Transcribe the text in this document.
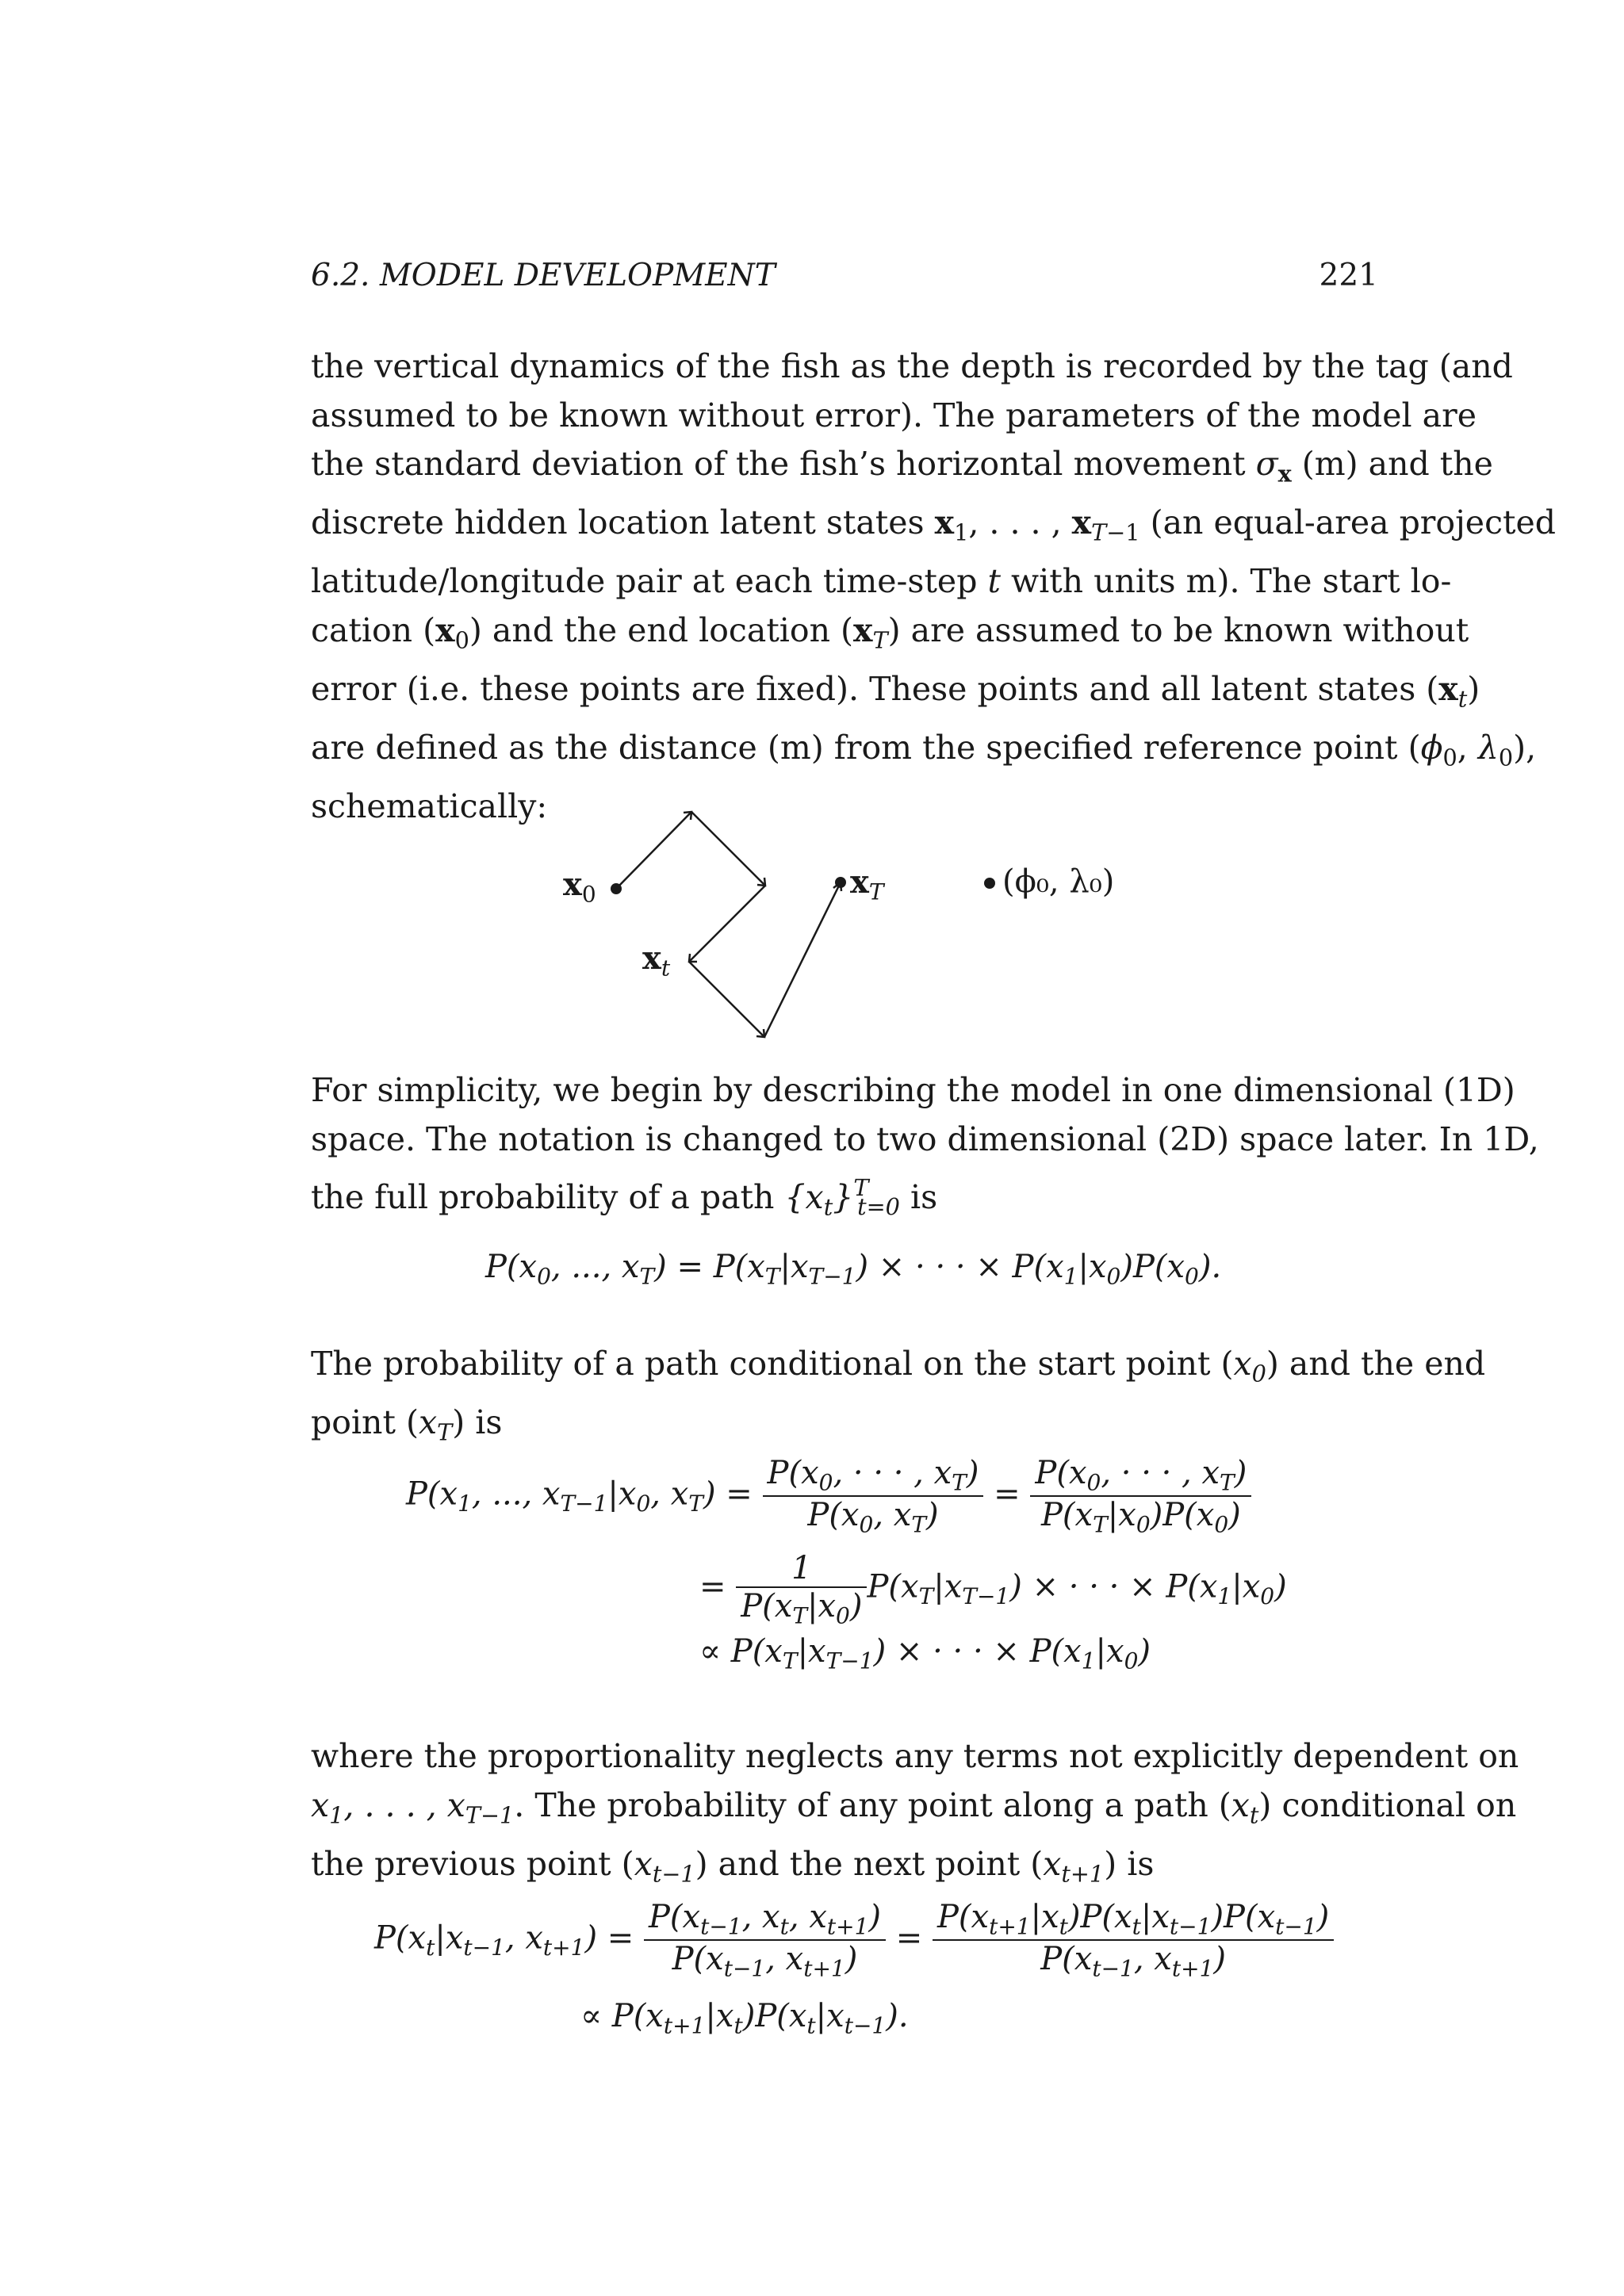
6.2. MODEL DEVELOPMENT	221
the vertical dynamics of the fish as the depth is recorded by the tag (and
assumed to be known without error). The parameters of the model are
the standard deviation of the fish’s horizontal movement $\sigma_x$ (m) and the
discrete hidden location latent states $x_1$, . . . , $x_{T-1}$ (an equal-area projected
latitude/longitude pair at each time-step t with units m). The start lo-
cation $(x_0)$ and the end location $(x_T)$ are assumed to be known without
error (i.e. these points are fixed). These points and all latent states $(x_t)$
are defined as the distance (m) from the specified reference point ($\phi_0$, $\lambda_0$),
schematically:
$x_0$	$x_T$
$x_t$
(ϕ₀, λ₀)
For simplicity, we begin by describing the model in one dimensional (1D)
space. The notation is changed to two dimensional (2D) space later. In 1D,
the full probability of a path $\{x_t\}^T_{t=0}$ is
$P(x_0$, ..., $x_T) = P(x_T|x_{T-1})$ × · · · × $P(x_1|x_0)P(x_0)$.
The probability of a path conditional on the start point $(x_0)$ and the end
point $(x_T)$ is
$P(x_1$, ..., $x_{T-1}|x_0$, $x_T) = \frac{P(x_0, \cdot \cdot \cdot , x_T)}{P(x_0, x_T)} = \frac{P(x_0, \cdot \cdot \cdot , x_T)}{P(x_T|x_0)P(x_0)}$
= $\frac{1}{P(x_T|x_0)} P(x_T|x_{T-1})$ × · · · × $P(x_1|x_0)$
∝ $P(x_T|x_{T-1})$ × · · · × $P(x_1|x_0)$
where the proportionality neglects any terms not explicitly dependent on
$x_1$, . . . , $x_{T-1}$. The probability of any point along a path $(x_t)$ conditional on
the previous point $(x_{t-1})$ and the next point $(x_{t+1})$ is
$P(x_t|x_{t-1}$, $x_{t+1}) = \frac{P(x_{t-1}, x_t, x_{t+1})}{P(x_{t-1}, x_{t+1})} = \frac{P(x_{t+1}|x_t)P(x_t|x_{t-1})P(x_{t-1})}{P(x_{t-1}, x_{t+1})}$
∝ $P(x_{t+1}|x_t)P(x_t|x_{t-1})$.
